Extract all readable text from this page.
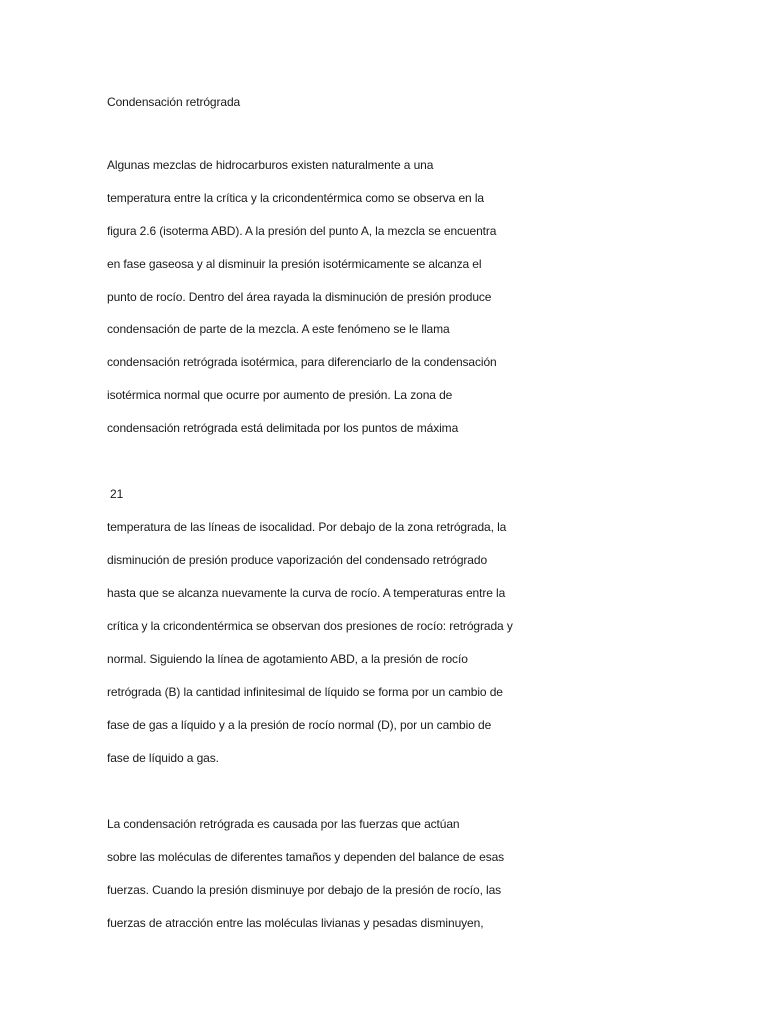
Condensación retrógrada
Algunas mezclas de hidrocarburos existen naturalmente a una
temperatura entre la crítica y la cricondentérmica como se observa en la
figura 2.6 (isoterma ABD). A la presión del punto A, la mezcla se encuentra
en fase gaseosa y al disminuir la presión isotérmicamente se alcanza el
punto de rocío. Dentro del área rayada la disminución de presión produce
condensación de parte de la mezcla. A este fenómeno se le llama
condensación retrógrada isotérmica, para diferenciarlo de la condensación
isotérmica normal que ocurre por aumento de presión. La zona de
condensación retrógrada está delimitada por los puntos de máxima
21
temperatura de las líneas de isocalidad. Por debajo de la zona retrógrada, la
disminución de presión produce vaporización del condensado retrógrado
hasta que se alcanza nuevamente la curva de rocío. A temperaturas entre la
crítica y la cricondentérmica se observan dos presiones de rocío: retrógrada y
normal. Siguiendo la línea de agotamiento ABD, a la presión de rocío
retrógrada (B) la cantidad infinitesimal de líquido se forma por un cambio de
fase de gas a líquido y a la presión de rocío normal (D), por un cambio de
fase de líquido a gas.
La condensación retrógrada es causada por las fuerzas que actúan
sobre las moléculas de diferentes tamaños y dependen del balance de esas
fuerzas. Cuando la presión disminuye por debajo de la presión de rocío, las
fuerzas de atracción entre las moléculas livianas y pesadas disminuyen,
